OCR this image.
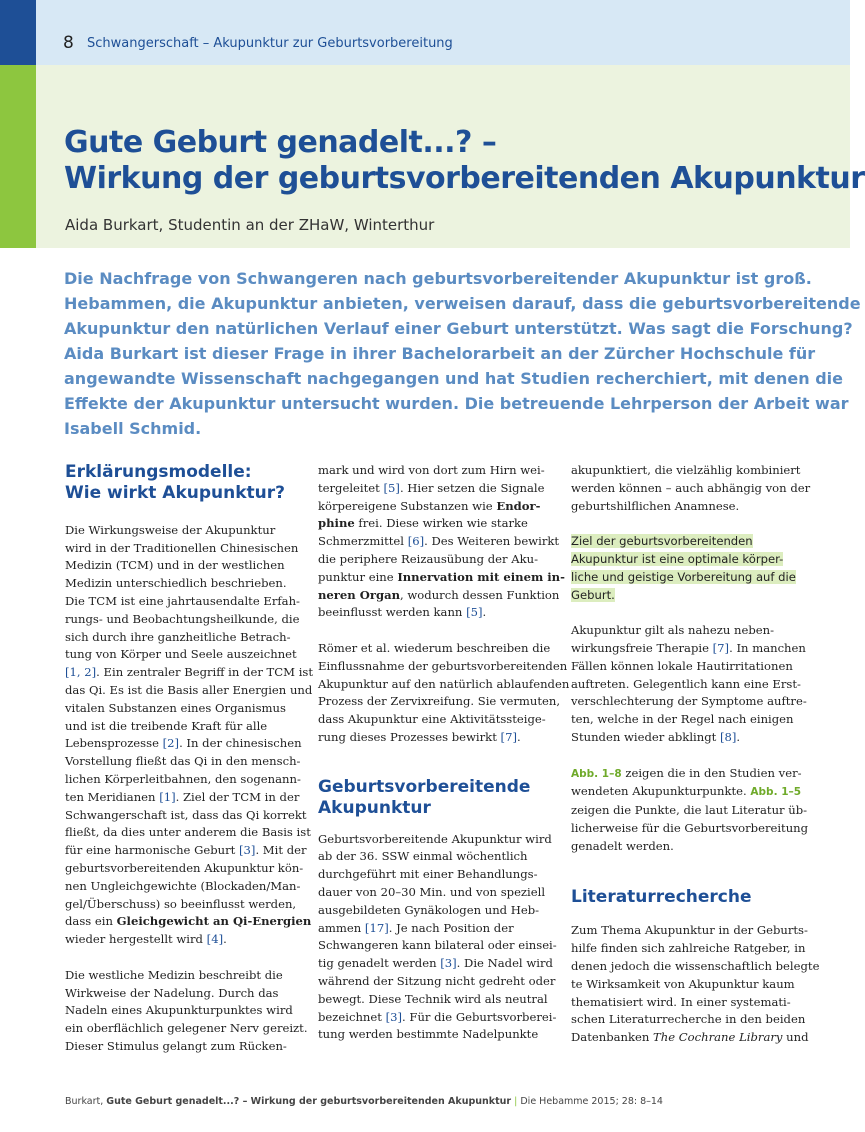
8 Schwangerschaft – Akupunktur zur Geburtsvorbereitung
Gute Geburt genadelt...? –
Wirkung der geburtsvorbereitenden Akupunktur
Aida Burkart, Studentin an der ZHaW, Winterthur
Die Nachfrage von Schwangeren nach geburtsvorbereitender Akupunktur ist groß.
Hebammen, die Akupunktur anbieten, verweisen darauf, dass die geburtsvorbereitende
Akupunktur den natürlichen Verlauf einer Geburt unterstützt. Was sagt die Forschung?
Aida Burkart ist dieser Frage in ihrer Bachelorarbeit an der Zürcher Hochschule für
angewandte Wissenschaft nachgegangen und hat Studien recherchiert, mit denen die
Effekte der Akupunktur untersucht wurden. Die betreuende Lehrperson der Arbeit war
Isabell Schmid.
Erklärungsmodelle:
Wie wirkt Akupunktur?
Die Wirkungsweise der Akupunktur
wird in der Traditionellen Chinesischen
Medizin (TCM) und in der westlichen
Medizin unterschiedlich beschrieben.
Die TCM ist eine jahrtausendalte Erfah-
rungs- und Beobachtungsheilkunde, die
sich durch ihre ganzheitliche Betrach-
tung von Körper und Seele auszeichnet
[1, 2]. Ein zentraler Begriff in der TCM ist
das Qi. Es ist die Basis aller Energien und
vitalen Substanzen eines Organismus
und ist die treibende Kraft für alle
Lebensprozesse [2]. In der chinesischen
Vorstellung fließt das Qi in den mensch-
lichen Körperleitbahnen, den sogenann-
ten Meridianen [1]. Ziel der TCM in der
Schwangerschaft ist, dass das Qi korrekt
fließt, da dies unter anderem die Basis ist
für eine harmonische Geburt [3]. Mit der
geburtsvorbereitenden Akupunktur kön-
nen Ungleichgewichte (Blockaden/Man-
gel/Überschuss) so beeinflusst werden,
dass ein Gleichgewicht an Qi-Energien
wieder hergestellt wird [4].
Die westliche Medizin beschreibt die
Wirkweise der Nadelung. Durch das
Nadeln eines Akupunkturpunktes wird
ein oberflächlich gelegener Nerv gereizt.
Dieser Stimulus gelangt zum Rücken-
mark und wird von dort zum Hirn wei-
tergeleitet [5]. Hier setzen die Signale
körpereigene Substanzen wie Endor-
phine frei. Diese wirken wie starke
Schmerzmittel [6]. Des Weiteren bewirkt
die periphere Reizausübung der Aku-
punktur eine Innervation mit einem in-
neren Organ, wodurch dessen Funktion
beeinflusst werden kann [5].
Römer et al. wiederum beschreiben die
Einflussnahme der geburtsvorbereitenden
Akupunktur auf den natürlich ablaufenden
Prozess der Zervixreifung. Sie vermuten,
dass Akupunktur eine Aktivitätssteige-
rung dieses Prozesses bewirkt [7].
Geburtsvorbereitende
Akupunktur
Geburtsvorbereitende Akupunktur wird
ab der 36. SSW einmal wöchentlich
durchgeführt mit einer Behandlungs-
dauer von 20–30 Min. und von speziell
ausgebildeten Gynäkologen und Heb-
ammen [17]. Je nach Position der
Schwangeren kann bilateral oder einsei-
tig genadelt werden [3]. Die Nadel wird
während der Sitzung nicht gedreht oder
bewegt. Diese Technik wird als neutral
bezeichnet [3]. Für die Geburtsvorberei-
tung werden bestimmte Nadelpunkte
akupunktiert, die vielzählig kombiniert
werden können – auch abhängig von der
geburtshilflichen Anamnese.
Ziel der geburtsvorbereitenden
Akupunktur ist eine optimale körper-
liche und geistige Vorbereitung auf die
Geburt.
Akupunktur gilt als nahezu neben-
wirkungsfreie Therapie [7]. In manchen
Fällen können lokale Hautirritationen
auftreten. Gelegentlich kann eine Erst-
verschlechterung der Symptome auftre-
ten, welche in der Regel nach einigen
Stunden wieder abklingt [8].
Abb. 1–8 zeigen die in den Studien ver-
wendeten Akupunkturpunkte. Abb. 1–5
zeigen die Punkte, die laut Literatur üb-
licherweise für die Geburtsvorbereitung
genadelt werden.
Literaturrecherche
Zum Thema Akupunktur in der Geburts-
hilfe finden sich zahlreiche Ratgeber, in
denen jedoch die wissenschaftlich belegte
te Wirksamkeit von Akupunktur kaum
thematisiert wird. In einer systemati-
schen Literaturrecherche in den beiden
Datenbanken The Cochrane Library und
Burkart, Gute Geburt genadelt...? – Wirkung der geburtsvorbereitenden Akupunktur | Die Hebamme 2015; 28: 8–14
